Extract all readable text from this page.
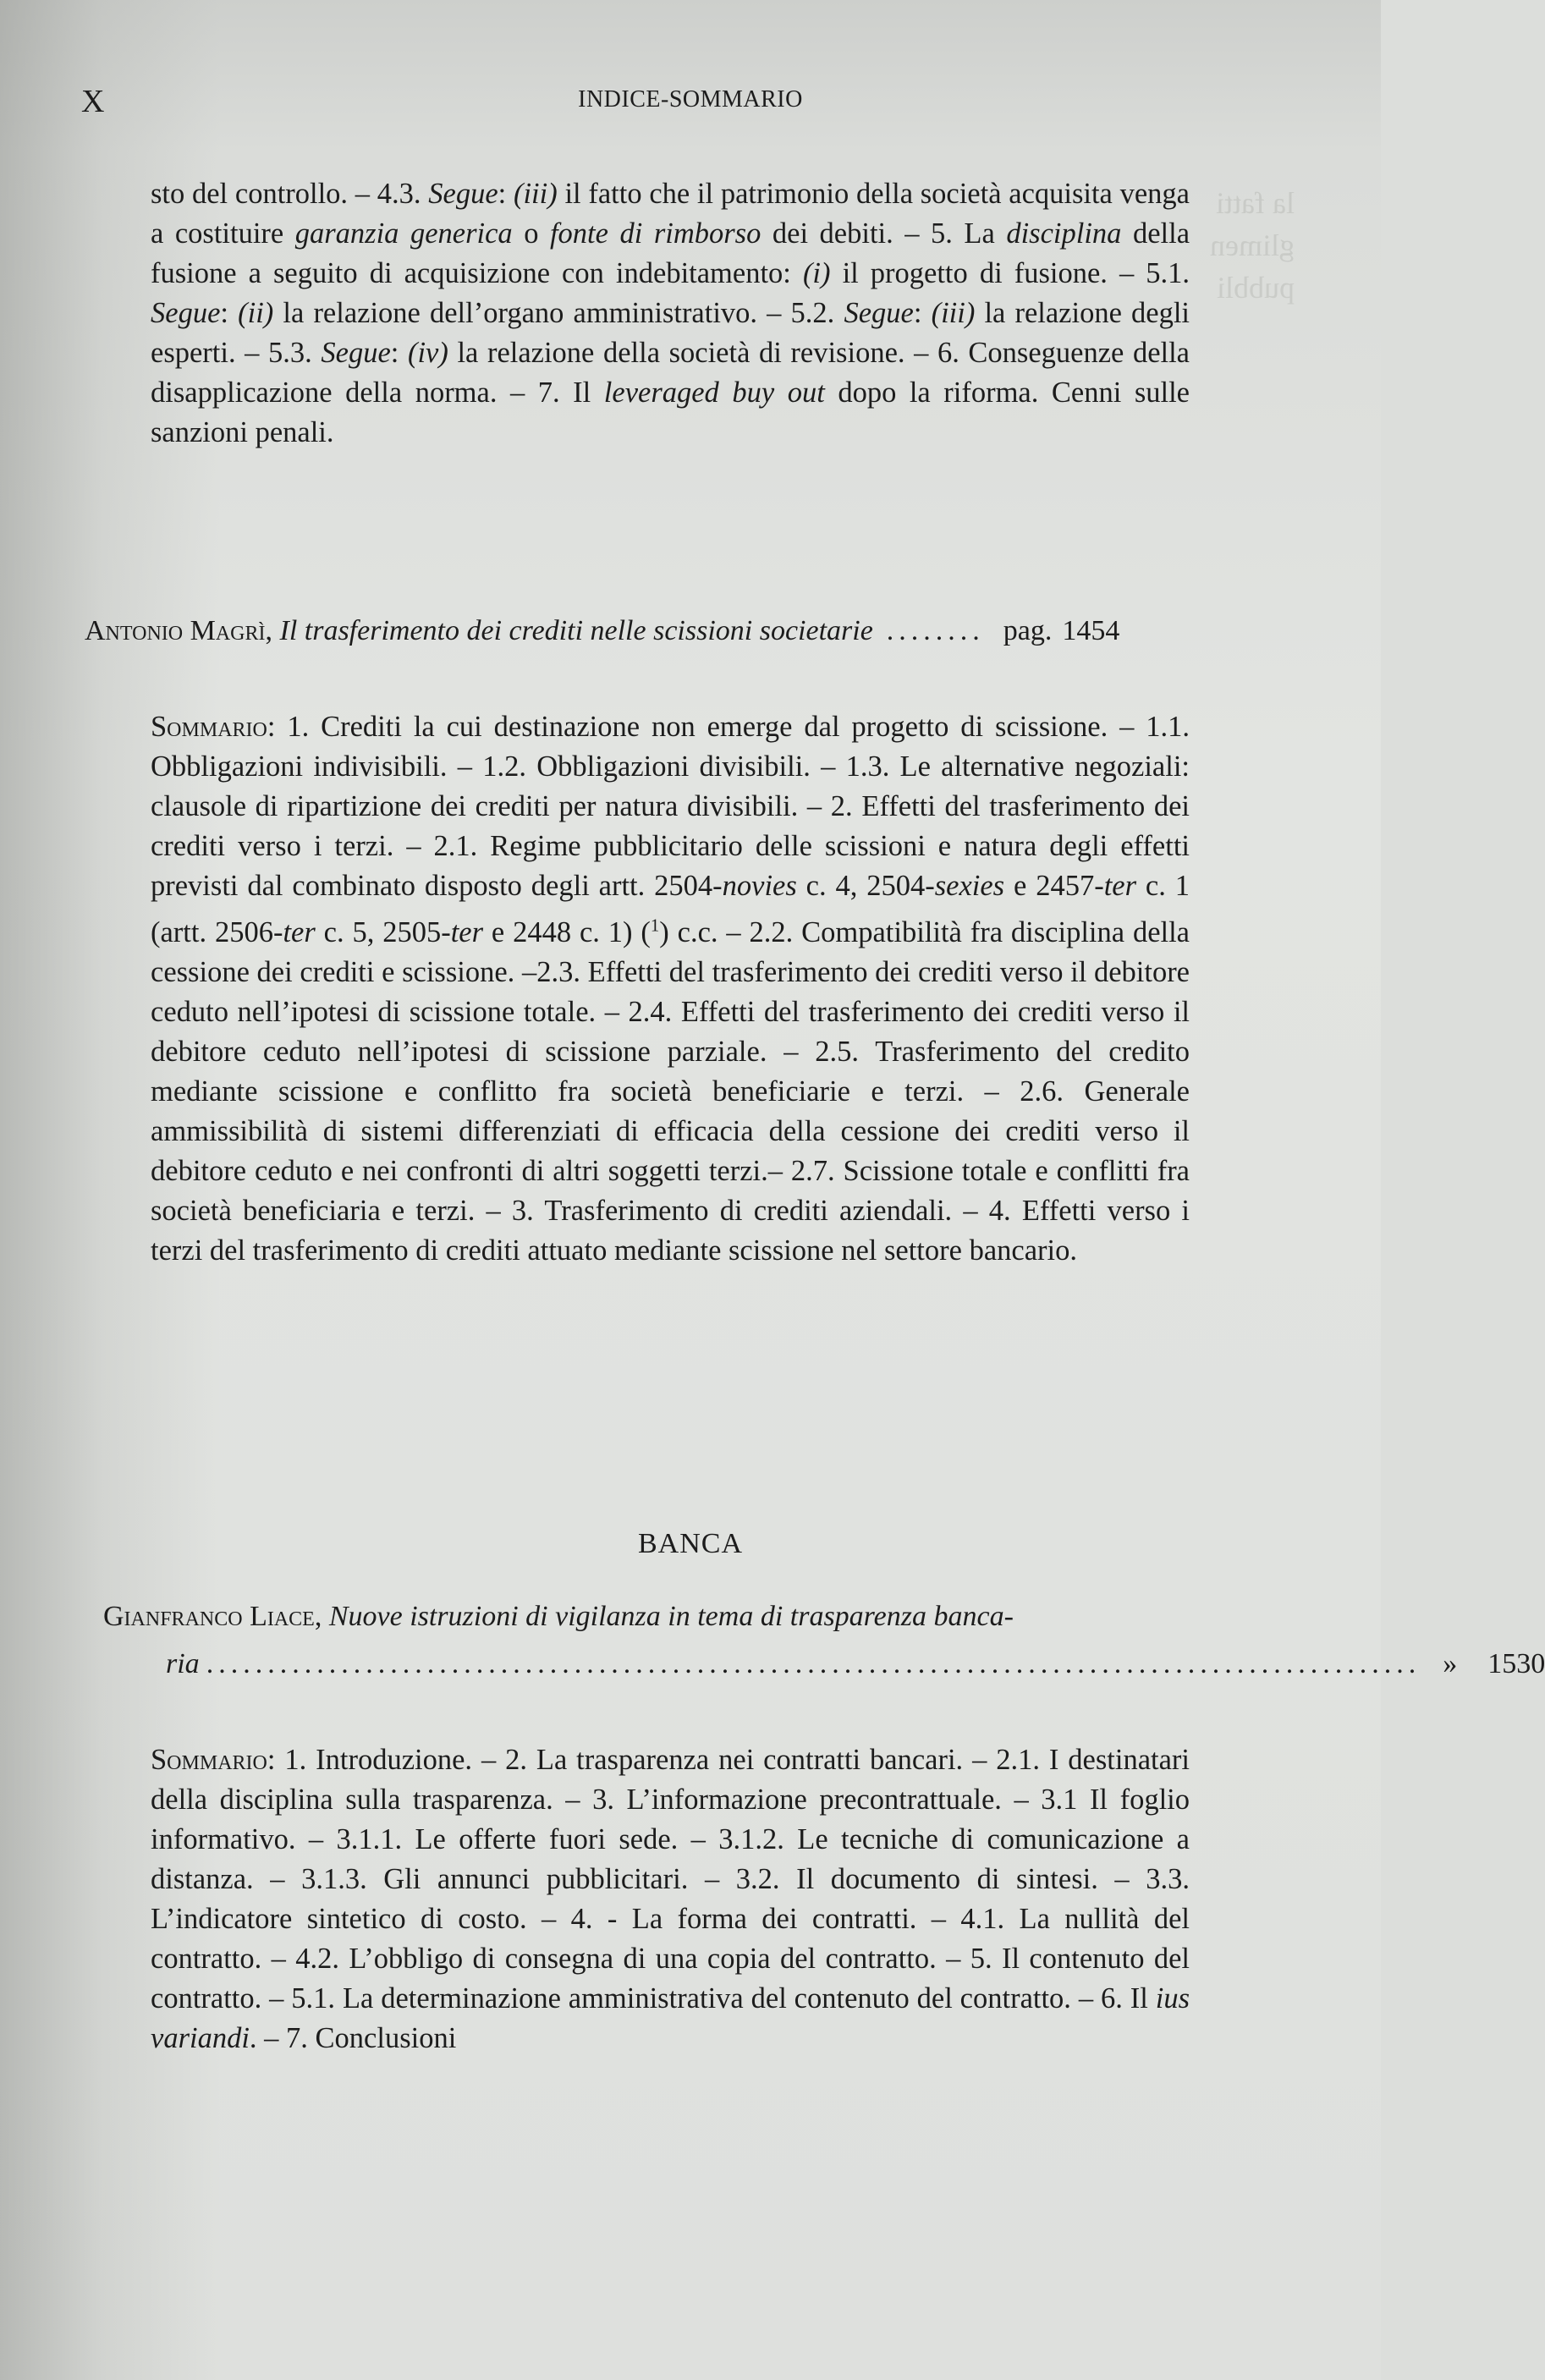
la fatti
glimen
pubbli
X	INDICE-SOMMARIO
sto del controllo. – 4.3. Segue: (iii) il fatto che il patrimonio della società acquisita venga a costituire garanzia generica o fonte di rimborso dei debiti. – 5. La disciplina della fusione a seguito di acquisizione con indebitamento: (i) il progetto di fusione. – 5.1. Segue: (ii) la relazione dell’organo amministrativo. – 5.2. Segue: (iii) la relazione degli esperti. – 5.3. Segue: (iv) la relazione della società di revisione. – 6. Conseguenze della disapplicazione della norma. – 7. Il leveraged buy out dopo la riforma. Cenni sulle sanzioni penali.
Antonio Magrì , Il trasferimento dei crediti nelle scissioni societarie ........ pag. 1454
Sommario: 1. Crediti la cui destinazione non emerge dal progetto di scissione. – 1.1. Obbligazioni indivisibili. – 1.2. Obbligazioni divisibili. – 1.3. Le alternative negoziali: clausole di ripartizione dei crediti per natura divisibili. – 2. Effetti del trasferimento dei crediti verso i terzi. – 2.1. Regime pubblicitario delle scissioni e natura degli effetti previsti dal combinato disposto degli artt. 2504-novies c. 4, 2504-sexies e 2457-ter c. 1 (artt. 2506-ter c. 5, 2505-ter e 2448 c. 1) ($^1$) c.c. – 2.2. Compatibilità fra disciplina della cessione dei crediti e scissione. –2.3. Effetti del trasferimento dei crediti verso il debitore ceduto nell’ipotesi di scissione totale. – 2.4. Effetti del trasferimento dei crediti verso il debitore ceduto nell’ipotesi di scissione parziale. – 2.5. Trasferimento del credito mediante scissione e conflitto fra società beneficiarie e terzi. – 2.6. Generale ammissibilità di sistemi differenziati di efficacia della cessione dei crediti verso il debitore ceduto e nei confronti di altri soggetti terzi.– 2.7. Scissione totale e conflitti fra società beneficiaria e terzi. – 3. Trasferimento di crediti aziendali. – 4. Effetti verso i terzi del trasferimento di crediti attuato mediante scissione nel settore bancario.
BANCA
Gianfranco Liace , Nuove istruzioni di vigilanza in tema di trasparenza banca-
ria ................................................................................................... »	1530
Sommario: 1. Introduzione. – 2. La trasparenza nei contratti bancari. – 2.1. I destinatari della disciplina sulla trasparenza. – 3. L’informazione precontrattuale. – 3.1 Il foglio informativo. – 3.1.1. Le offerte fuori sede. – 3.1.2. Le tecniche di comunicazione a distanza. – 3.1.3. Gli annunci pubblicitari. – 3.2. Il documento di sintesi. – 3.3. L’indicatore sintetico di costo. – 4. - La forma dei contratti. – 4.1. La nullità del contratto. – 4.2. L’obbligo di consegna di una copia del contratto. – 5. Il contenuto del contratto. – 5.1. La determinazione amministrativa del contenuto del contratto. – 6. Il ius variandi. – 7. Conclusioni
